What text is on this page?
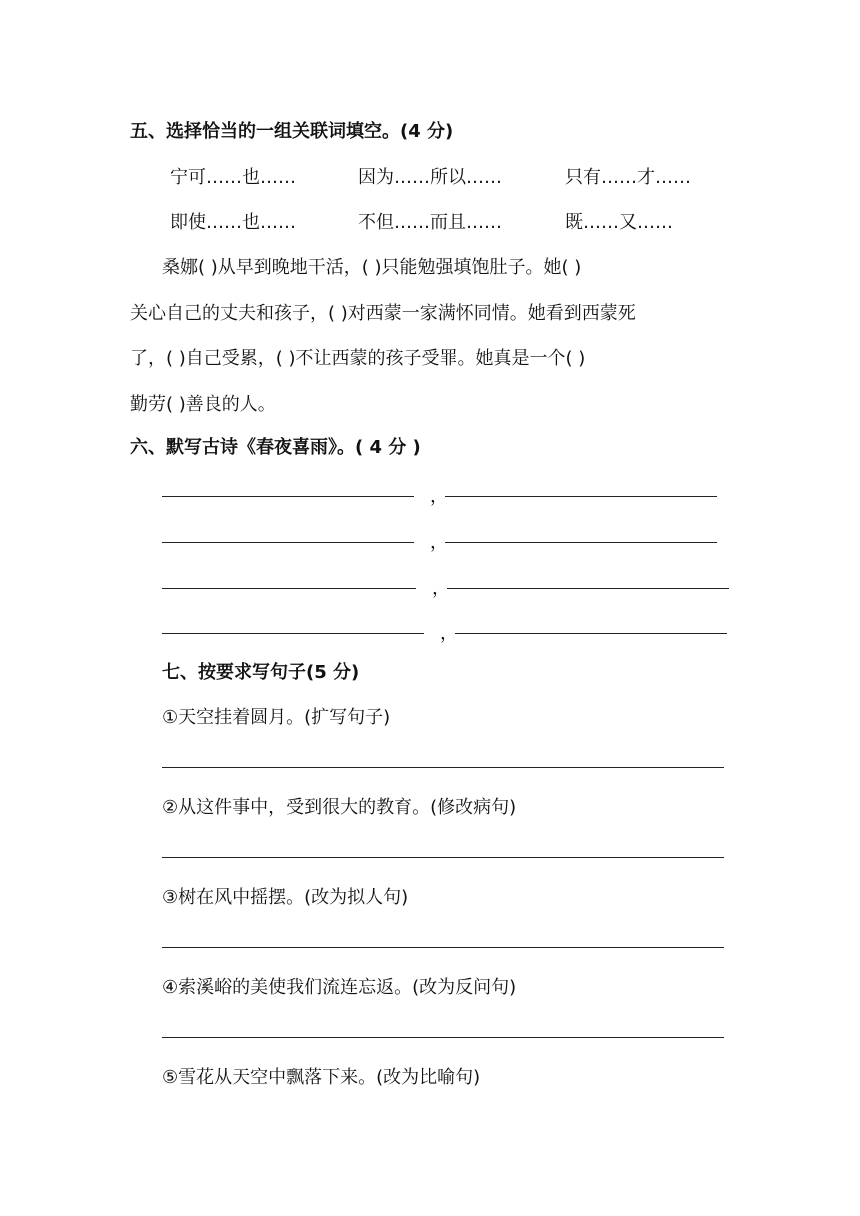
五、选择恰当的一组关联词填空。(4 分)
宁可……也……	因为……所以……	只有……才……
即使……也……	不但……而且……	既……又……
桑娜( )从早到晚地干活，( )只能勉强填饱肚子。她( )
关心自己的丈夫和孩子，( )对西蒙一家满怀同情。她看到西蒙死
了，( )自己受累，( )不让西蒙的孩子受罪。她真是一个( )
勤劳( )善良的人。
六、默写古诗《春夜喜雨》。( 4 分 )
，
，
，
，
七、按要求写句子(5 分)
①天空挂着圆月。(扩写句子)
②从这件事中，受到很大的教育。(修改病句)
③树在风中摇摆。(改为拟人句)
④索溪峪的美使我们流连忘返。(改为反问句)
⑤雪花从天空中飘落下来。(改为比喻句)
